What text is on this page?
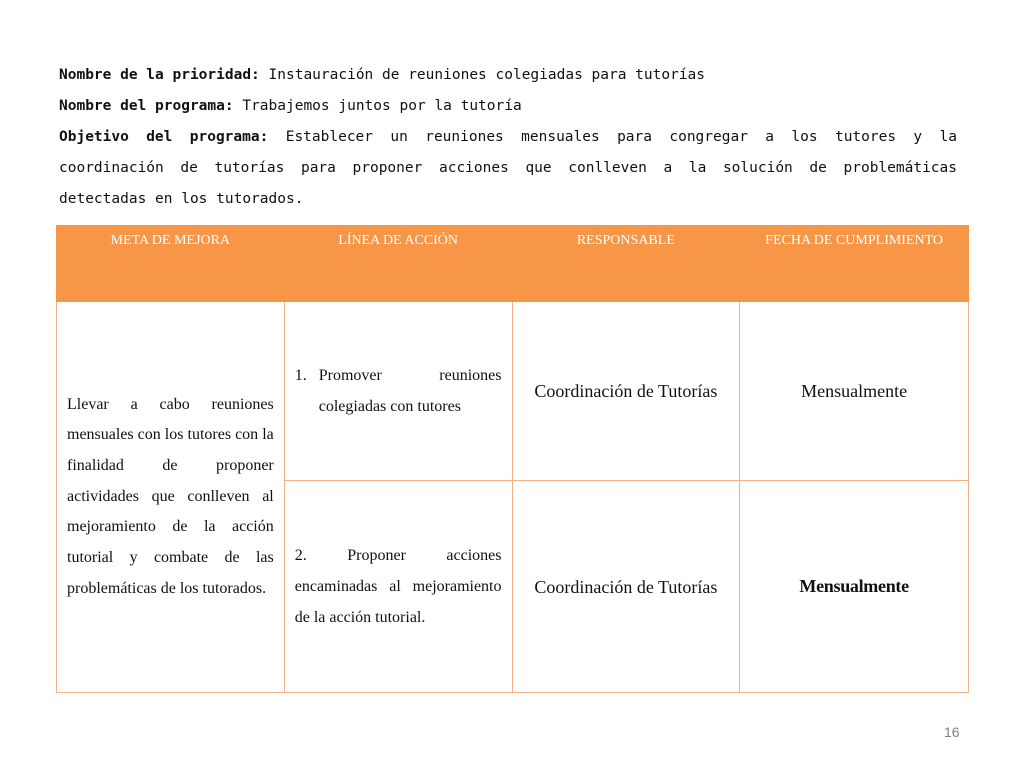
Nombre de la prioridad: Instauración de reuniones colegiadas para tutorías
Nombre del programa: Trabajemos juntos por la tutoría
Objetivo del programa: Establecer un reuniones mensuales para congregar a los tutores y la coordinación de tutorías para proponer acciones que conlleven a la solución de problemáticas detectadas en los tutorados.
META DE MEJORA	LÍNEA DE ACCIÓN	RESPONSABLE	FECHA DE CUMPLIMIENTO
Llevar a cabo reuniones mensuales con los tutores con la finalidad de proponer actividades que conlleven al mejoramiento de la acción tutorial y combate de las problemáticas de los tutorados.	1. Promover reuniones colegiadas con tutores	Coordinación de Tutorías	Mensualmente
	2. Proponer acciones encaminadas al mejoramiento de la acción tutorial.	Coordinación de Tutorías	Mensualmente
16
